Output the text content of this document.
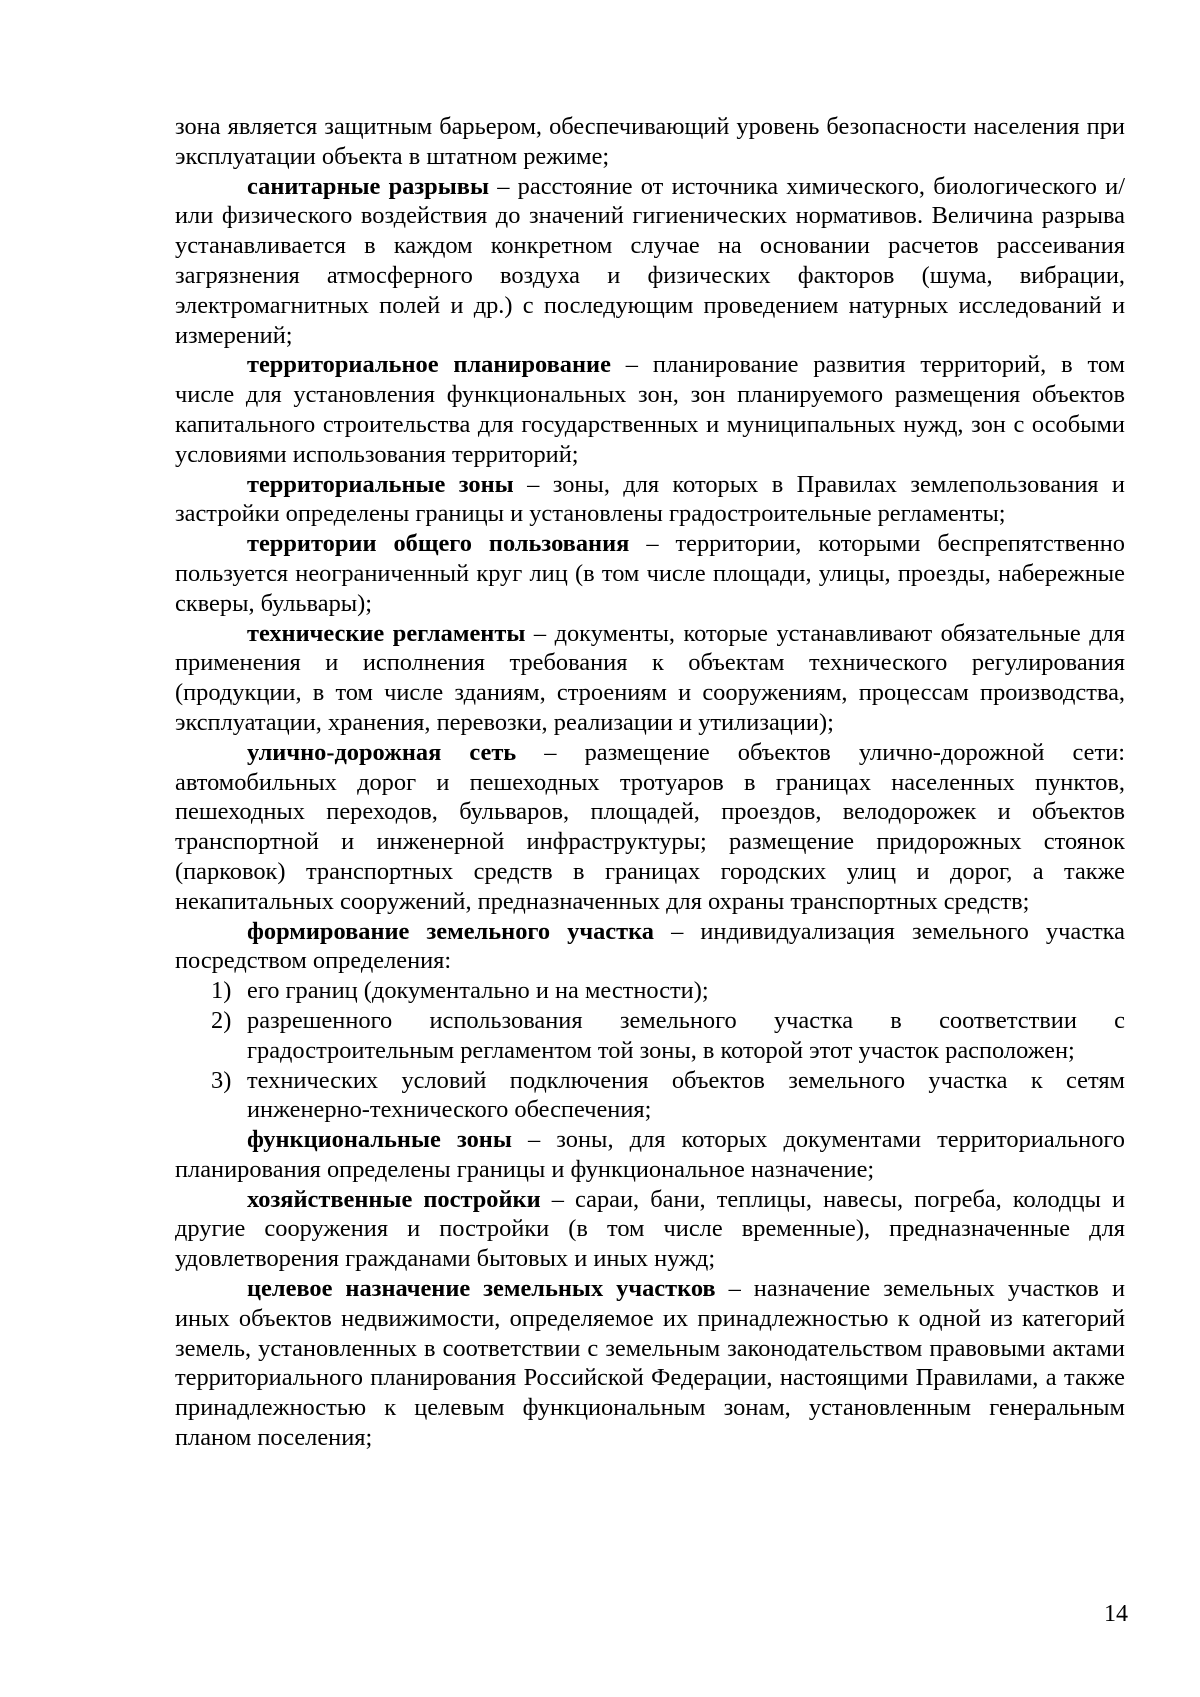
зона является защитным барьером, обеспечивающий уровень безопасности населения при эксплуатации объекта в штатном режиме;

санитарные разрывы – расстояние от источника химического, биологического и/или физического воздействия до значений гигиенических нормативов. Величина разрыва устанавливается в каждом конкретном случае на основании расчетов рассеивания загрязнения атмосферного воздуха и физических факторов (шума, вибрации, электромагнитных полей и др.) с последующим проведением натурных исследований и измерений;

территориальное планирование – планирование развития территорий, в том числе для установления функциональных зон, зон планируемого размещения объектов капитального строительства для государственных и муниципальных нужд, зон с особыми условиями использования территорий;

территориальные зоны – зоны, для которых в Правилах землепользования и застройки определены границы и установлены градостроительные регламенты;

территории общего пользования – территории, которыми беспрепятственно пользуется неограниченный круг лиц (в том числе площади, улицы, проезды, набережные скверы, бульвары);

технические регламенты – документы, которые устанавливают обязательные для применения и исполнения требования к объектам технического регулирования (продукции, в том числе зданиям, строениям и сооружениям, процессам производства, эксплуатации, хранения, перевозки, реализации и утилизации);

улично-дорожная сеть – размещение объектов улично-дорожной сети: автомобильных дорог и пешеходных тротуаров в границах населенных пунктов, пешеходных переходов, бульваров, площадей, проездов, велодорожек и объектов транспортной и инженерной инфраструктуры; размещение придорожных стоянок (парковок) транспортных средств в границах городских улиц и дорог, а также некапитальных сооружений, предназначенных для охраны транспортных средств;

формирование земельного участка – индивидуализация земельного участка посредством определения:

1) его границ (документально и на местности);
2) разрешенного использования земельного участка в соответствии с градостроительным регламентом той зоны, в которой этот участок расположен;
3) технических условий подключения объектов земельного участка к сетям инженерно-технического обеспечения;

функциональные зоны – зоны, для которых документами территориального планирования определены границы и функциональное назначение;

хозяйственные постройки – сараи, бани, теплицы, навесы, погреба, колодцы и другие сооружения и постройки (в том числе временные), предназначенные для удовлетворения гражданами бытовых и иных нужд;

целевое назначение земельных участков – назначение земельных участков и иных объектов недвижимости, определяемое их принадлежностью к одной из категорий земель, установленных в соответствии с земельным законодательством правовыми актами территориального планирования Российской Федерации, настоящими Правилами, а также принадлежностью к целевым функциональным зонам, установленным генеральным планом поселения;

14
